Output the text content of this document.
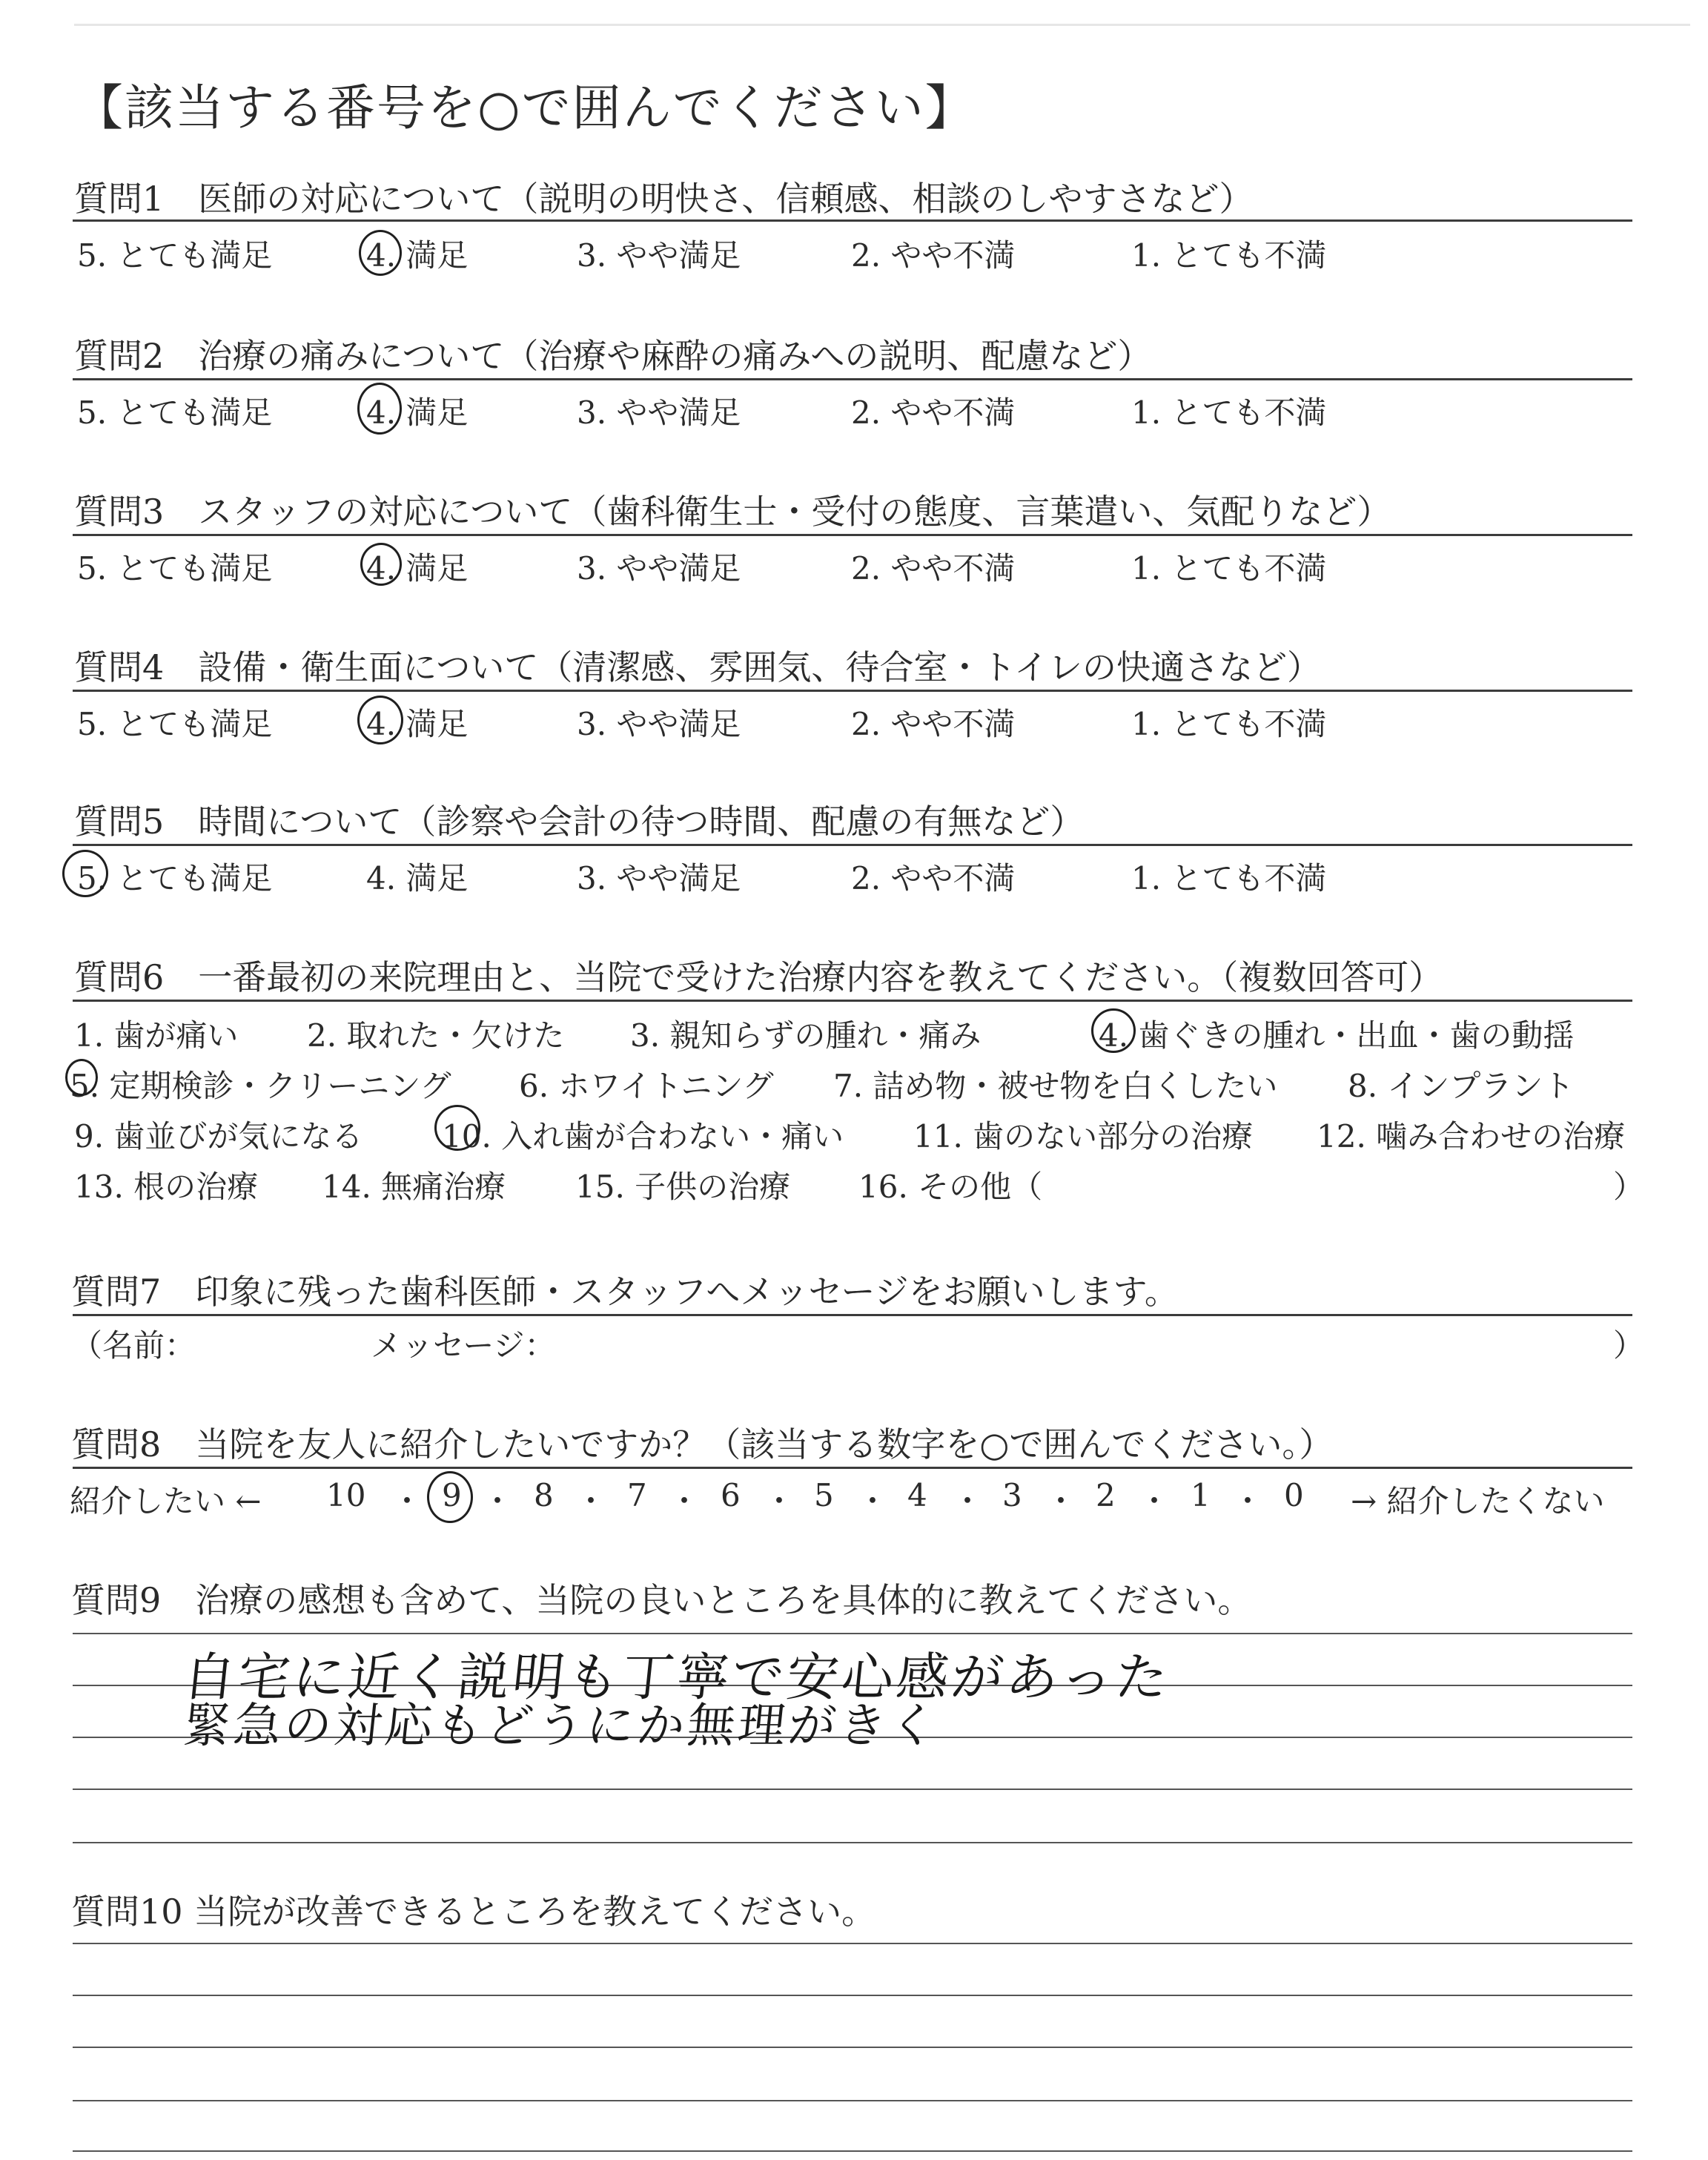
【該当する番号を○で囲んでください】
質問1　医師の対応について（説明の明快さ、信頼感、相談のしやすさなど）
5. とても満足	4. 満足	3. やや満足	2. やや不満	1. とても不満
質問2　治療の痛みについて（治療や麻酔の痛みへの説明、配慮など）
5. とても満足	4. 満足	3. やや満足	2. やや不満	1. とても不満
質問3　スタッフの対応について（歯科衛生士・受付の態度、言葉遣い、気配りなど）
5. とても満足	4. 満足	3. やや満足	2. やや不満	1. とても不満
質問4　設備・衛生面について（清潔感、雰囲気、待合室・トイレの快適さなど）
5. とても満足	4. 満足	3. やや満足	2. やや不満	1. とても不満
質問5　時間について（診察や会計の待つ時間、配慮の有無など）
5. とても満足	4. 満足	3. やや満足	2. やや不満	1. とても不満
質問6　一番最初の来院理由と、当院で受けた治療内容を教えてください。（複数回答可）
1. 歯が痛い 2. 取れた・欠けた 3. 親知らずの腫れ・痛み	4. 歯ぐきの腫れ・出血・歯の動揺
5. 定期検診・クリーニング 6. ホワイトニング 7. 詰め物・被せ物を白くしたい 8. インプラント
9. 歯並びが気になる	10. 入れ歯が合わない・痛い 11. 歯のない部分の治療 12. 噛み合わせの治療
13. 根の治療 14. 無痛治療 15. 子供の治療 16. その他（	）
質問7　印象に残った歯科医師・スタッフへメッセージをお願いします。
（名前：	メッセージ：	）
質問8　当院を友人に紹介したいですか？（該当する数字を○で囲んでください。）
紹介したい ←	→ 紹介したくない
10 ・ 9 ・ 8 ・ 7 ・ 6 ・ 5 ・ 4 ・ 3 ・ 2 ・ 1 ・ 0
質問9　治療の感想も含めて、当院の良いところを具体的に教えてください。
自宅に近く説明も丁寧で安心感があった
緊急の対応もどうにか無理がきく
質問10 当院が改善できるところを教えてください。
